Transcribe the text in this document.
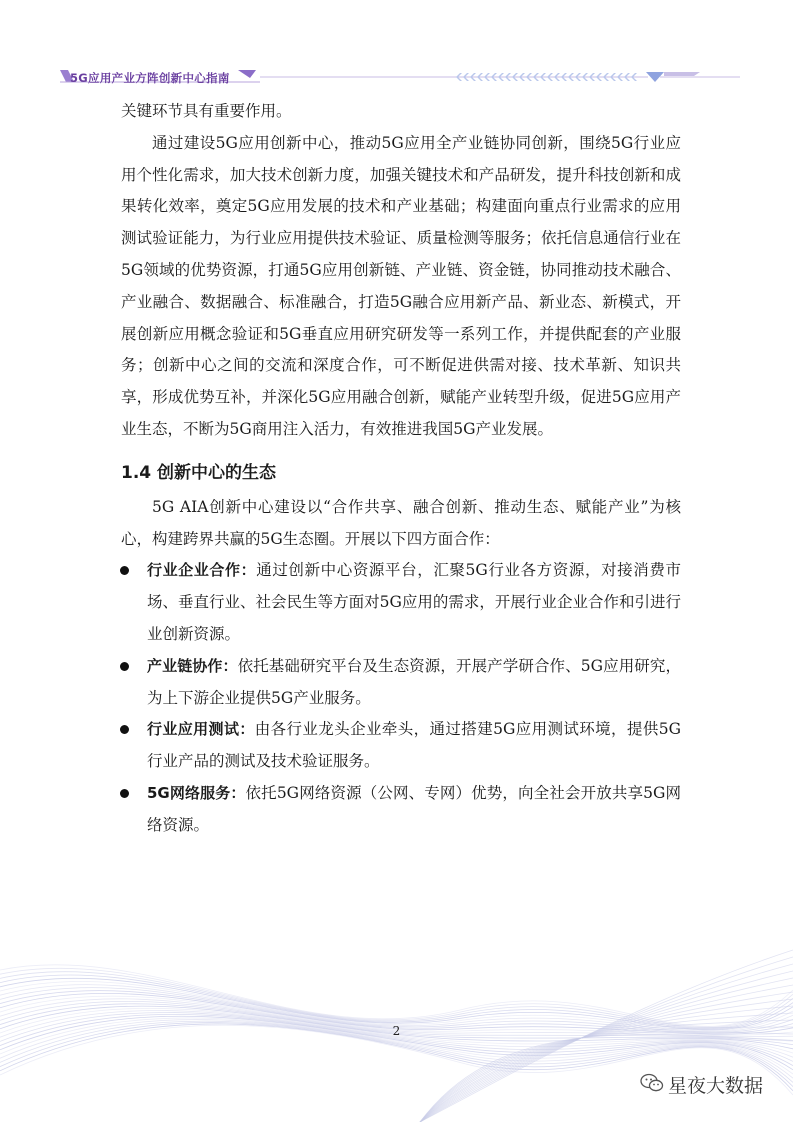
5G应用产业方阵创新中心指南

关键环节具有重要作用。

通过建设5G应用创新中心，推动5G应用全产业链协同创新，围绕5G行业应用个性化需求，加大技术创新力度，加强关键技术和产品研发，提升科技创新和成果转化效率，奠定5G应用发展的技术和产业基础；构建面向重点行业需求的应用测试验证能力，为行业应用提供技术验证、质量检测等服务；依托信息通信行业在5G领域的优势资源，打通5G应用创新链、产业链、资金链，协同推动技术融合、产业融合、数据融合、标准融合，打造5G融合应用新产品、新业态、新模式，开展创新应用概念验证和5G垂直应用研究研发等一系列工作，并提供配套的产业服务；创新中心之间的交流和深度合作，可不断促进供需对接、技术革新、知识共享，形成优势互补，并深化5G应用融合创新，赋能产业转型升级，促进5G应用产业生态，不断为5G商用注入活力，有效推进我国5G产业发展。

1.4 创新中心的生态

5G AIA创新中心建设以“合作共享、融合创新、推动生态、赋能产业”为核心，构建跨界共赢的5G生态圈。开展以下四方面合作：

行业企业合作：通过创新中心资源平台，汇聚5G行业各方资源，对接消费市场、垂直行业、社会民生等方面对5G应用的需求，开展行业企业合作和引进行业创新资源。
产业链协作：依托基础研究平台及生态资源，开展产学研合作、5G应用研究，为上下游企业提供5G产业服务。
行业应用测试：由各行业龙头企业牵头，通过搭建5G应用测试环境，提供5G行业产品的测试及技术验证服务。
5G网络服务：依托5G网络资源（公网、专网）优势，向全社会开放共享5G网络资源。
2
星夜大数据
